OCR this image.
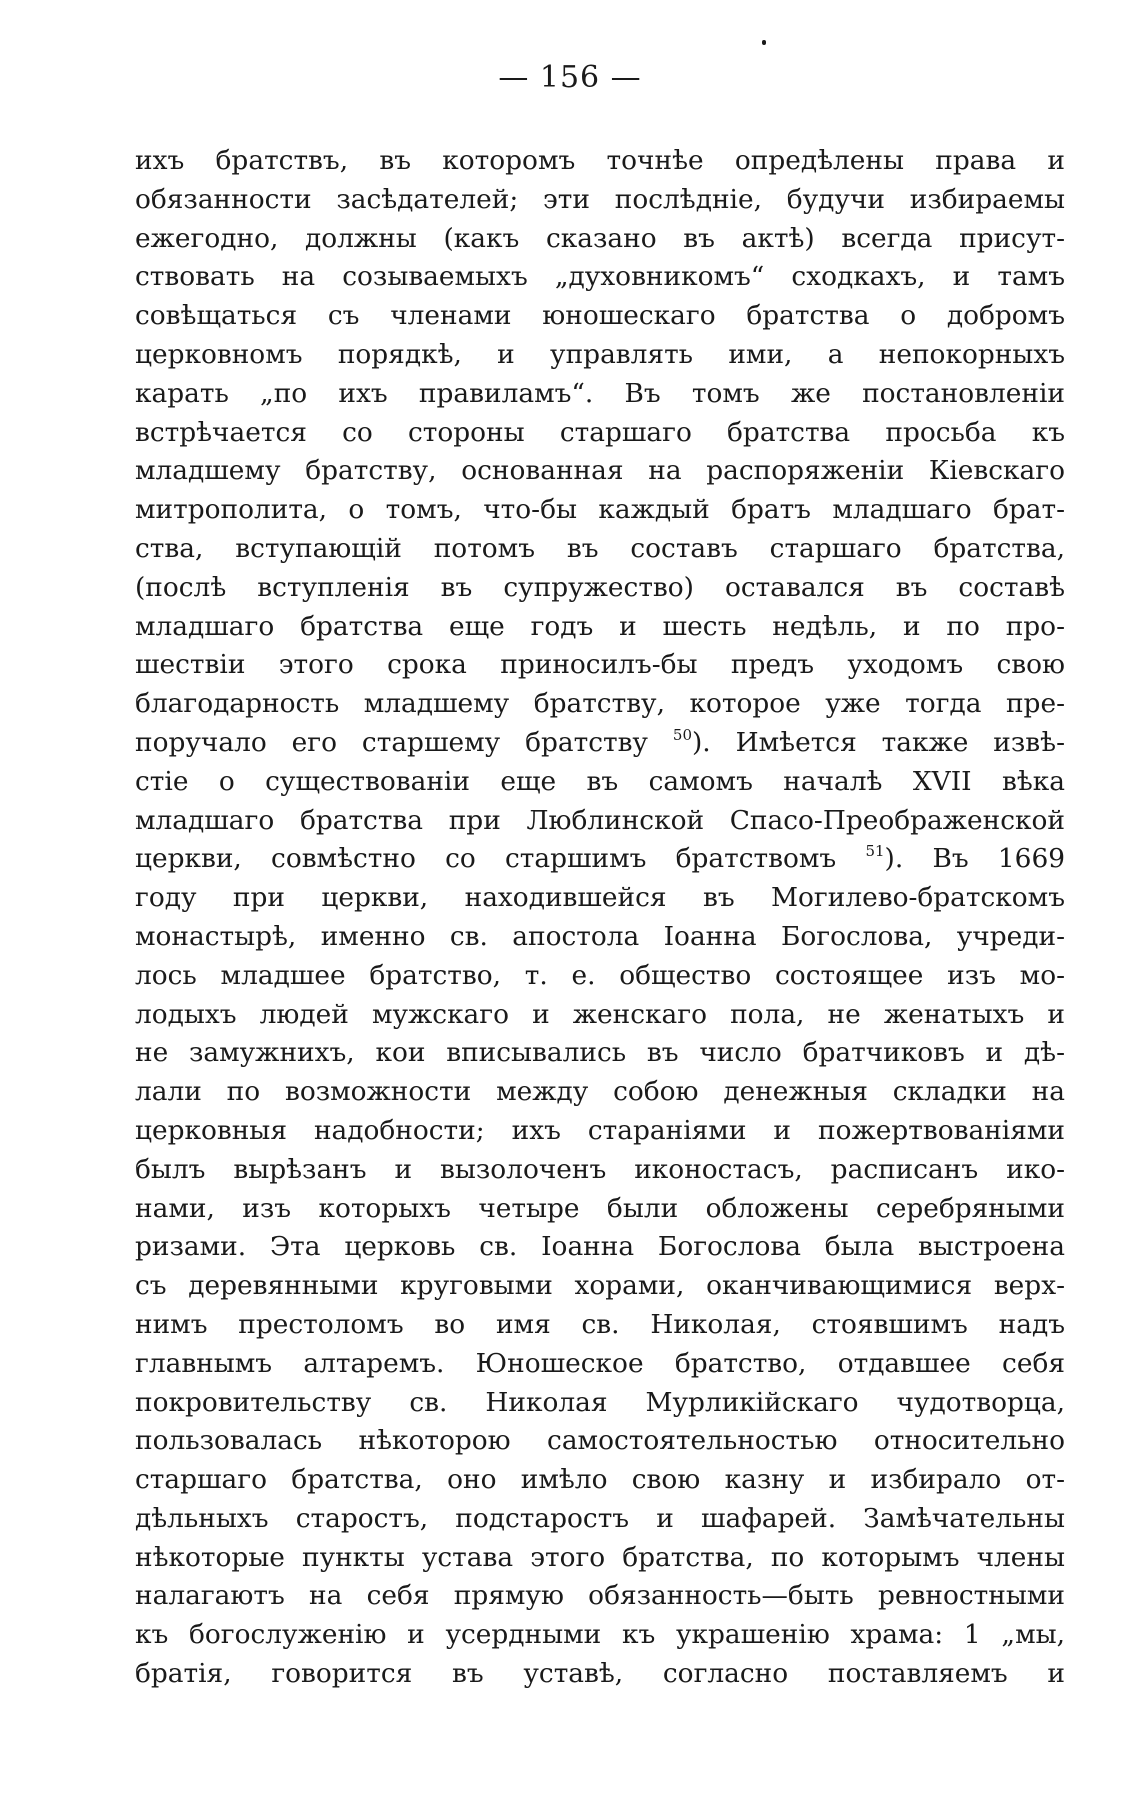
— 156 —
ихъ братствъ, въ которомъ точнѣе опредѣлены права и
обязанности засѣдателей; эти послѣдніе, будучи избираемы
ежегодно, должны (какъ сказано въ актѣ) всегда присут-
ствовать на созываемыхъ „духовникомъ“ сходкахъ, и тамъ
совѣщаться съ членами юношескаго братства о добромъ
церковномъ порядкѣ, и управлять ими, а непокорныхъ
карать „по ихъ правиламъ“. Въ томъ же постановленіи
встрѣчается со стороны старшаго братства просьба къ
младшему братству, основанная на распоряженіи Кіевскаго
митрополита, о томъ, что-бы каждый братъ младшаго брат-
ства, вступающій потомъ въ составъ старшаго братства,
(послѣ вступленія въ супружество) оставался въ составѣ
младшаго братства еще годъ и шесть недѣль, и по про-
шествіи этого срока приносилъ-бы предъ уходомъ свою
благодарность младшему братству, которое уже тогда пре-
поручало его старшему братству $^{50}$). Имѣется также извѣ-
стіе о существованіи еще въ самомъ началѣ XVII вѣка
младшаго братства при Люблинской Спасо-Преображенской
церкви, совмѣстно со старшимъ братствомъ $^{51}$). Въ 1669
году при церкви, находившейся въ Могилево-братскомъ
монастырѣ, именно св. апостола Іоанна Богослова, учреди-
лось младшее братство, т. е. общество состоящее изъ мо-
лодыхъ людей мужскаго и женскаго пола, не женатыхъ и
не замужнихъ, кои вписывались въ число братчиковъ и дѣ-
лали по возможности между собою денежныя складки на
церковныя надобности; ихъ стараніями и пожертвованіями
былъ вырѣзанъ и вызолоченъ иконостасъ, расписанъ ико-
нами, изъ которыхъ четыре были обложены серебряными
ризами. Эта церковь св. Іоанна Богослова была выстроена
съ деревянными круговыми хорами, оканчивающимися верх-
нимъ престоломъ во имя св. Николая, стоявшимъ надъ
главнымъ алтаремъ. Юношеское братство, отдавшее себя
покровительству св. Николая Мурликійскаго чудотворца,
пользовалась нѣкоторою самостоятельностью относительно
старшаго братства, оно имѣло свою казну и избирало от-
дѣльныхъ старостъ, подстаростъ и шафарей. Замѣчательны
нѣкоторые пункты устава этого братства, по которымъ члены
налагаютъ на себя прямую обязанность—быть ревностными
къ богослуженію и усердными къ украшенію храма: 1 „мы,
братія, говорится въ уставѣ, согласно поставляемъ и
